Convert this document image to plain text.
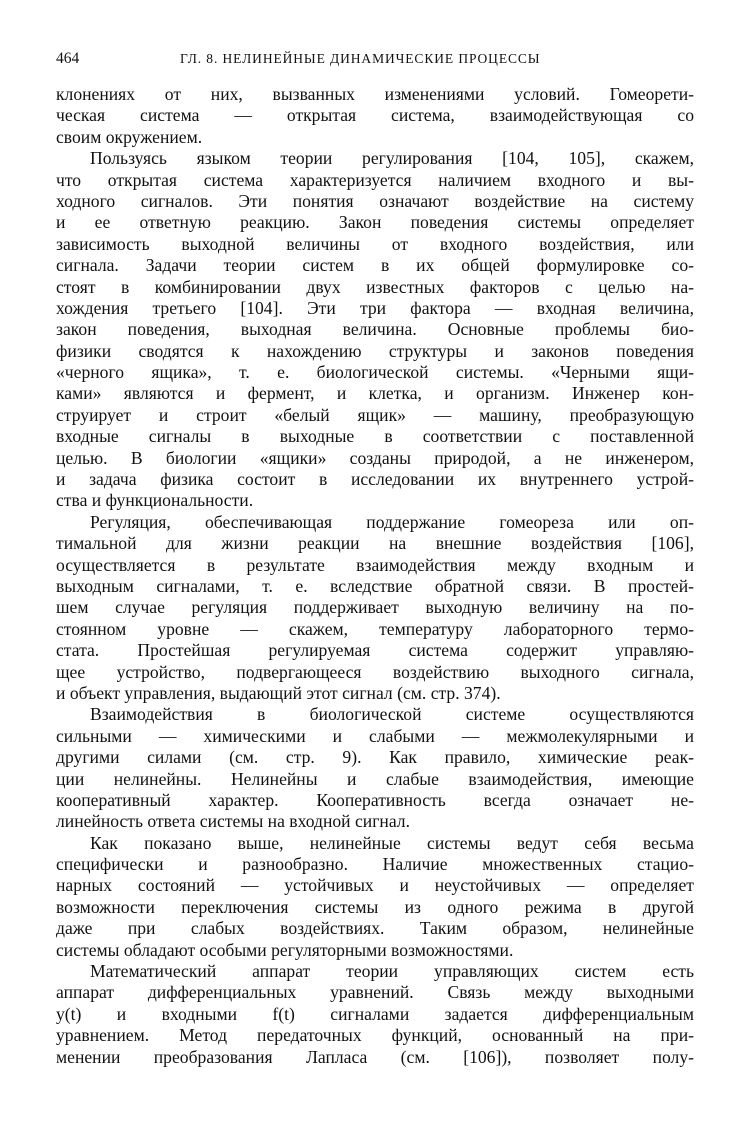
464	ГЛ. 8. НЕЛИНЕЙНЫЕ ДИНАМИЧЕСКИЕ ПРОЦЕССЫ
клонениях от них, вызванных изменениями условий. Гомеорети-
ческая система — открытая система, взаимодействующая со
своим окружением.
Пользуясь языком теории регулирования [104, 105], скажем,
что открытая система характеризуется наличием входного и вы-
ходного сигналов. Эти понятия означают воздействие на систему
и ее ответную реакцию. Закон поведения системы определяет
зависимость выходной величины от входного воздействия, или
сигнала. Задачи теории систем в их общей формулировке со-
стоят в комбинировании двух известных факторов с целью на-
хождения третьего [104]. Эти три фактора — входная величина,
закон поведения, выходная величина. Основные проблемы био-
физики сводятся к нахождению структуры и законов поведения
«черного ящика», т. е. биологической системы. «Черными ящи-
ками» являются и фермент, и клетка, и организм. Инженер кон-
струирует и строит «белый ящик» — машину, преобразующую
входные сигналы в выходные в соответствии с поставленной
целью. В биологии «ящики» созданы природой, а не инженером,
и задача физика состоит в исследовании их внутреннего устрой-
ства и функциональности.
Регуляция, обеспечивающая поддержание гомеореза или оп-
тимальной для жизни реакции на внешние воздействия [106],
осуществляется в результате взаимодействия между входным и
выходным сигналами, т. е. вследствие обратной связи. В простей-
шем случае регуляция поддерживает выходную величину на по-
стоянном уровне — скажем, температуру лабораторного термо-
стата. Простейшая регулируемая система содержит управляю-
щее устройство, подвергающееся воздействию выходного сигнала,
и объект управления, выдающий этот сигнал (см. стр. 374).
Взаимодействия в биологической системе осуществляются
сильными — химическими и слабыми — межмолекулярными и
другими силами (см. стр. 9). Как правило, химические реак-
ции нелинейны. Нелинейны и слабые взаимодействия, имеющие
кооперативный характер. Кооперативность всегда означает не-
линейность ответа системы на входной сигнал.
Как показано выше, нелинейные системы ведут себя весьма
специфически и разнообразно. Наличие множественных стацио-
нарных состояний — устойчивых и неустойчивых — определяет
возможности переключения системы из одного режима в другой
даже при слабых воздействиях. Таким образом, нелинейные
системы обладают особыми регуляторными возможностями.
Математический аппарат теории управляющих систем есть
аппарат дифференциальных уравнений. Связь между выходными
y(t) и входными f(t) сигналами задается дифференциальным
уравнением. Метод передаточных функций, основанный на при-
менении преобразования Лапласа (см. [106]), позволяет полу-
